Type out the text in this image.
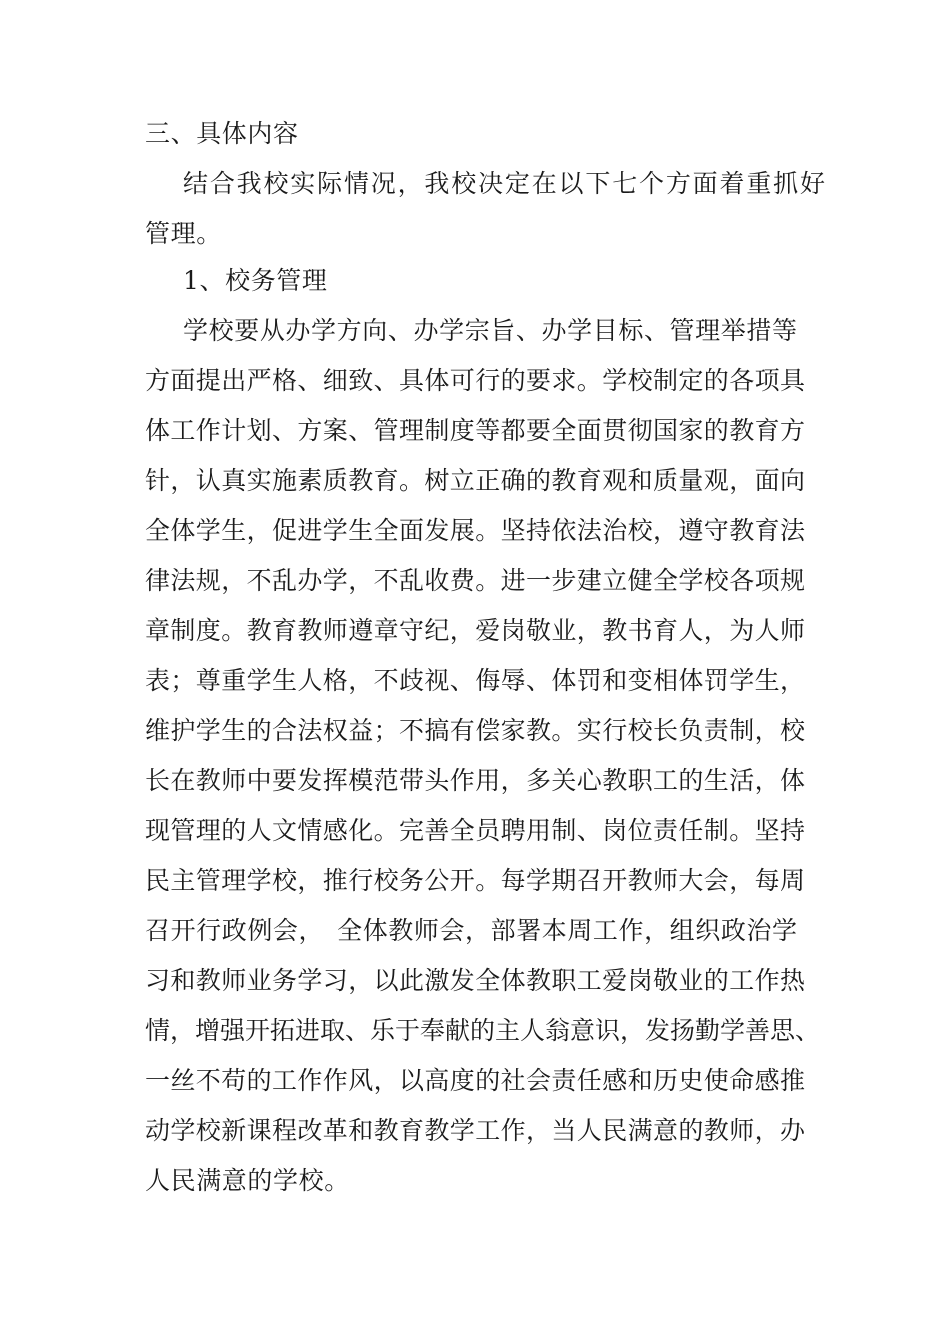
三、具体内容

结合我校实际情况，我校决定在以下七个方面着重抓好

管理。

1、校务管理

学校要从办学方向、办学宗旨、办学目标、管理举措等

方面提出严格、细致、具体可行的要求。学校制定的各项具

体工作计划、方案、管理制度等都要全面贯彻国家的教育方

针，认真实施素质教育。树立正确的教育观和质量观，面向

全体学生，促进学生全面发展。坚持依法治校，遵守教育法

律法规，不乱办学，不乱收费。进一步建立健全学校各项规

章制度。教育教师遵章守纪，爱岗敬业，教书育人，为人师

表；尊重学生人格，不歧视、侮辱、体罚和变相体罚学生，

维护学生的合法权益；不搞有偿家教。实行校长负责制，校

长在教师中要发挥模范带头作用，多关心教职工的生活，体

现管理的人文情感化。完善全员聘用制、岗位责任制。坚持

民主管理学校，推行校务公开。每学期召开教师大会，每周

召开行政例会，　全体教师会，部署本周工作，组织政治学

习和教师业务学习，以此激发全体教职工爱岗敬业的工作热

情，增强开拓进取、乐于奉献的主人翁意识，发扬勤学善思、

一丝不苟的工作作风，以高度的社会责任感和历史使命感推

动学校新课程改革和教育教学工作，当人民满意的教师，办

人民满意的学校。
